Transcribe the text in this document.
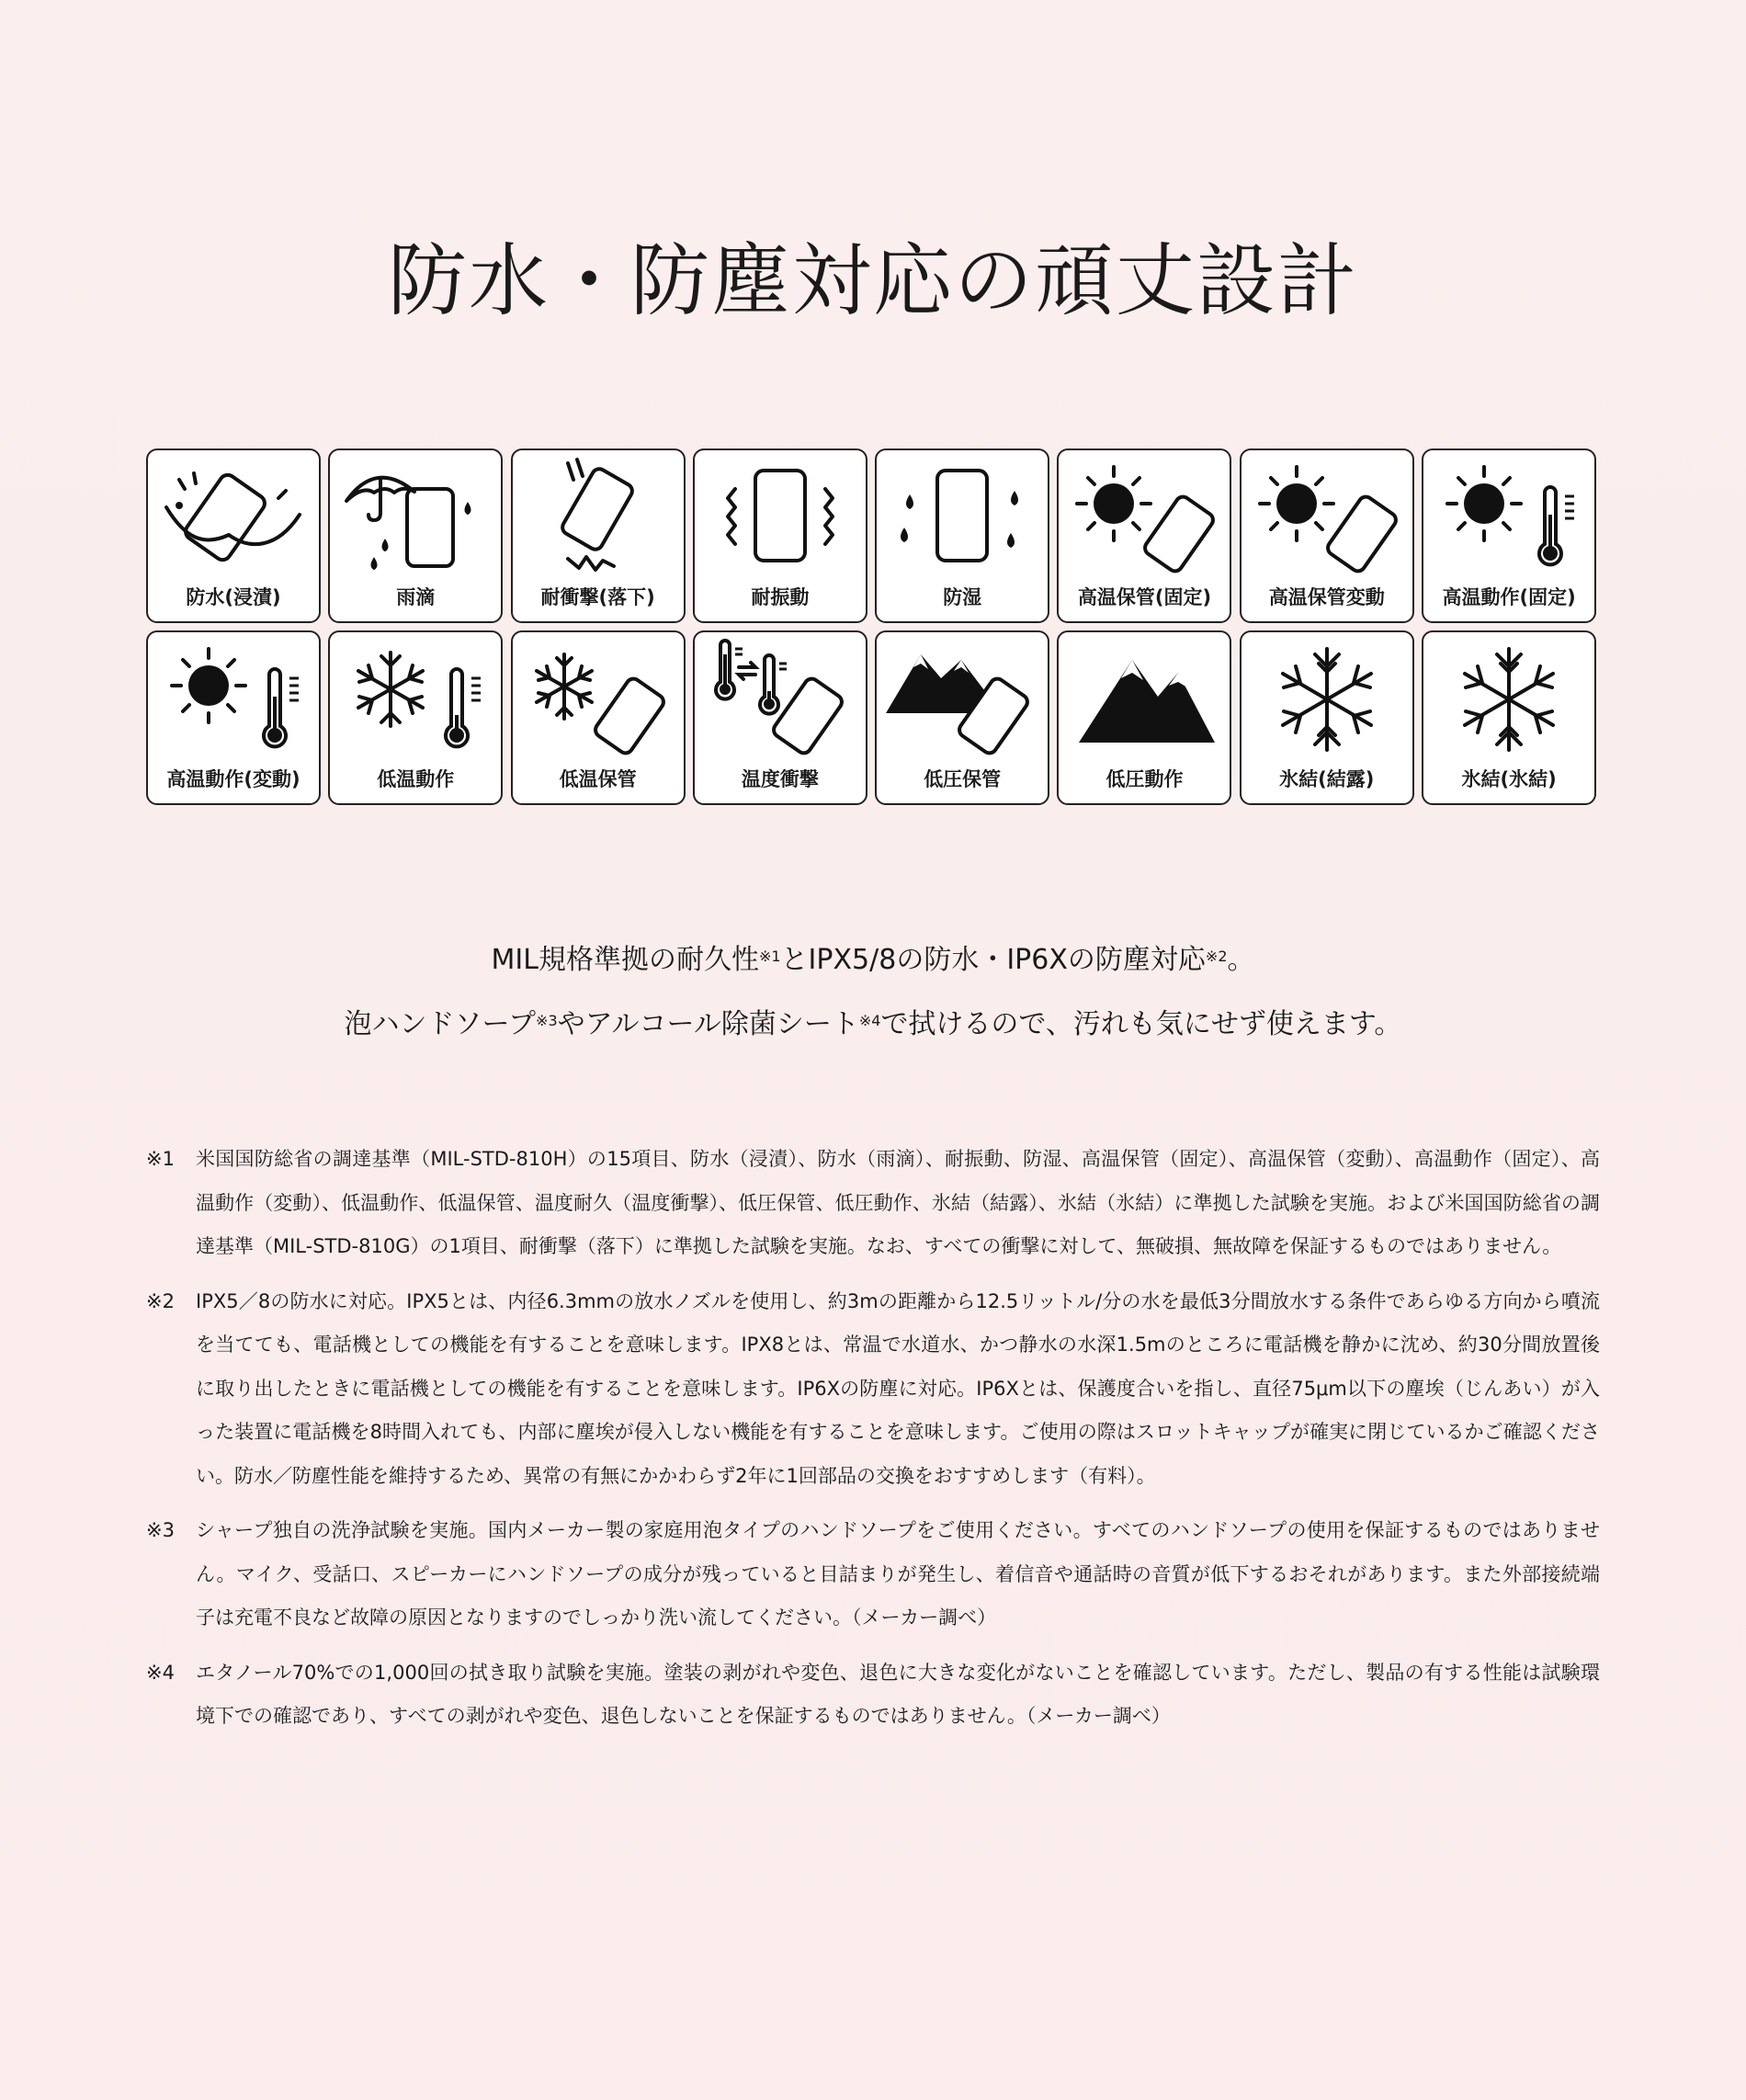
防水・防塵対応の頑丈設計
防水(浸漬)	雨滴	耐衝撃(落下)	耐振動	防湿	高温保管(固定)	高温保管変動	高温動作(固定)
高温動作(変動)	低温動作	低温保管	温度衝撃	低圧保管	低圧動作	氷結(結露)	氷結(氷結)
MIL規格準拠の耐久性$^{※1}$とIPX5/8の防水・IP6Xの防塵対応$^{※2}$。
泡ハンドソープ$^{※3}$やアルコール除菌シート$^{※4}$で拭けるので、汚れも気にせず使えます。
※1	米国国防総省の調達基準（MIL-STD-810H）の15項目、防水（浸漬）、防水（雨滴）、耐振動、防湿、高温保管（固定）、高温保管（変動）、高温動作（固定）、高温動作（変動）、低温動作、低温保管、温度耐久（温度衝撃）、低圧保管、低圧動作、氷結（結露）、氷結（氷結）に準拠した試験を実施。および米国国防総省の調達基準（MIL-STD-810G）の1項目、耐衝撃（落下）に準拠した試験を実施。なお、すべての衝撃に対して、無破損、無故障を保証するものではありません。
※2	IPX5／8の防水に対応。IPX5とは、内径6.3mmの放水ノズルを使用し、約3mの距離から12.5リットル/分の水を最低3分間放水する条件であらゆる方向から噴流を当てても、電話機としての機能を有することを意味します。IPX8とは、常温で水道水、かつ静水の水深1.5mのところに電話機を静かに沈め、約30分間放置後に取り出したときに電話機としての機能を有することを意味します。IP6Xの防塵に対応。IP6Xとは、保護度合いを指し、直径75μm以下の塵埃（じんあい）が入った装置に電話機を8時間入れても、内部に塵埃が侵入しない機能を有することを意味します。ご使用の際はスロットキャップが確実に閉じているかご確認ください。防水／防塵性能を維持するため、異常の有無にかかわらず2年に1回部品の交換をおすすめします（有料）。
※3	シャープ独自の洗浄試験を実施。国内メーカー製の家庭用泡タイプのハンドソープをご使用ください。すべてのハンドソープの使用を保証するものではありません。マイク、受話口、スピーカーにハンドソープの成分が残っていると目詰まりが発生し、着信音や通話時の音質が低下するおそれがあります。また外部接続端子は充電不良など故障の原因となりますのでしっかり洗い流してください。（メーカー調べ）
※4	エタノール70%での1,000回の拭き取り試験を実施。塗装の剥がれや変色、退色に大きな変化がないことを確認しています。ただし、製品の有する性能は試験環境下での確認であり、すべての剥がれや変色、退色しないことを保証するものではありません。（メーカー調べ）
